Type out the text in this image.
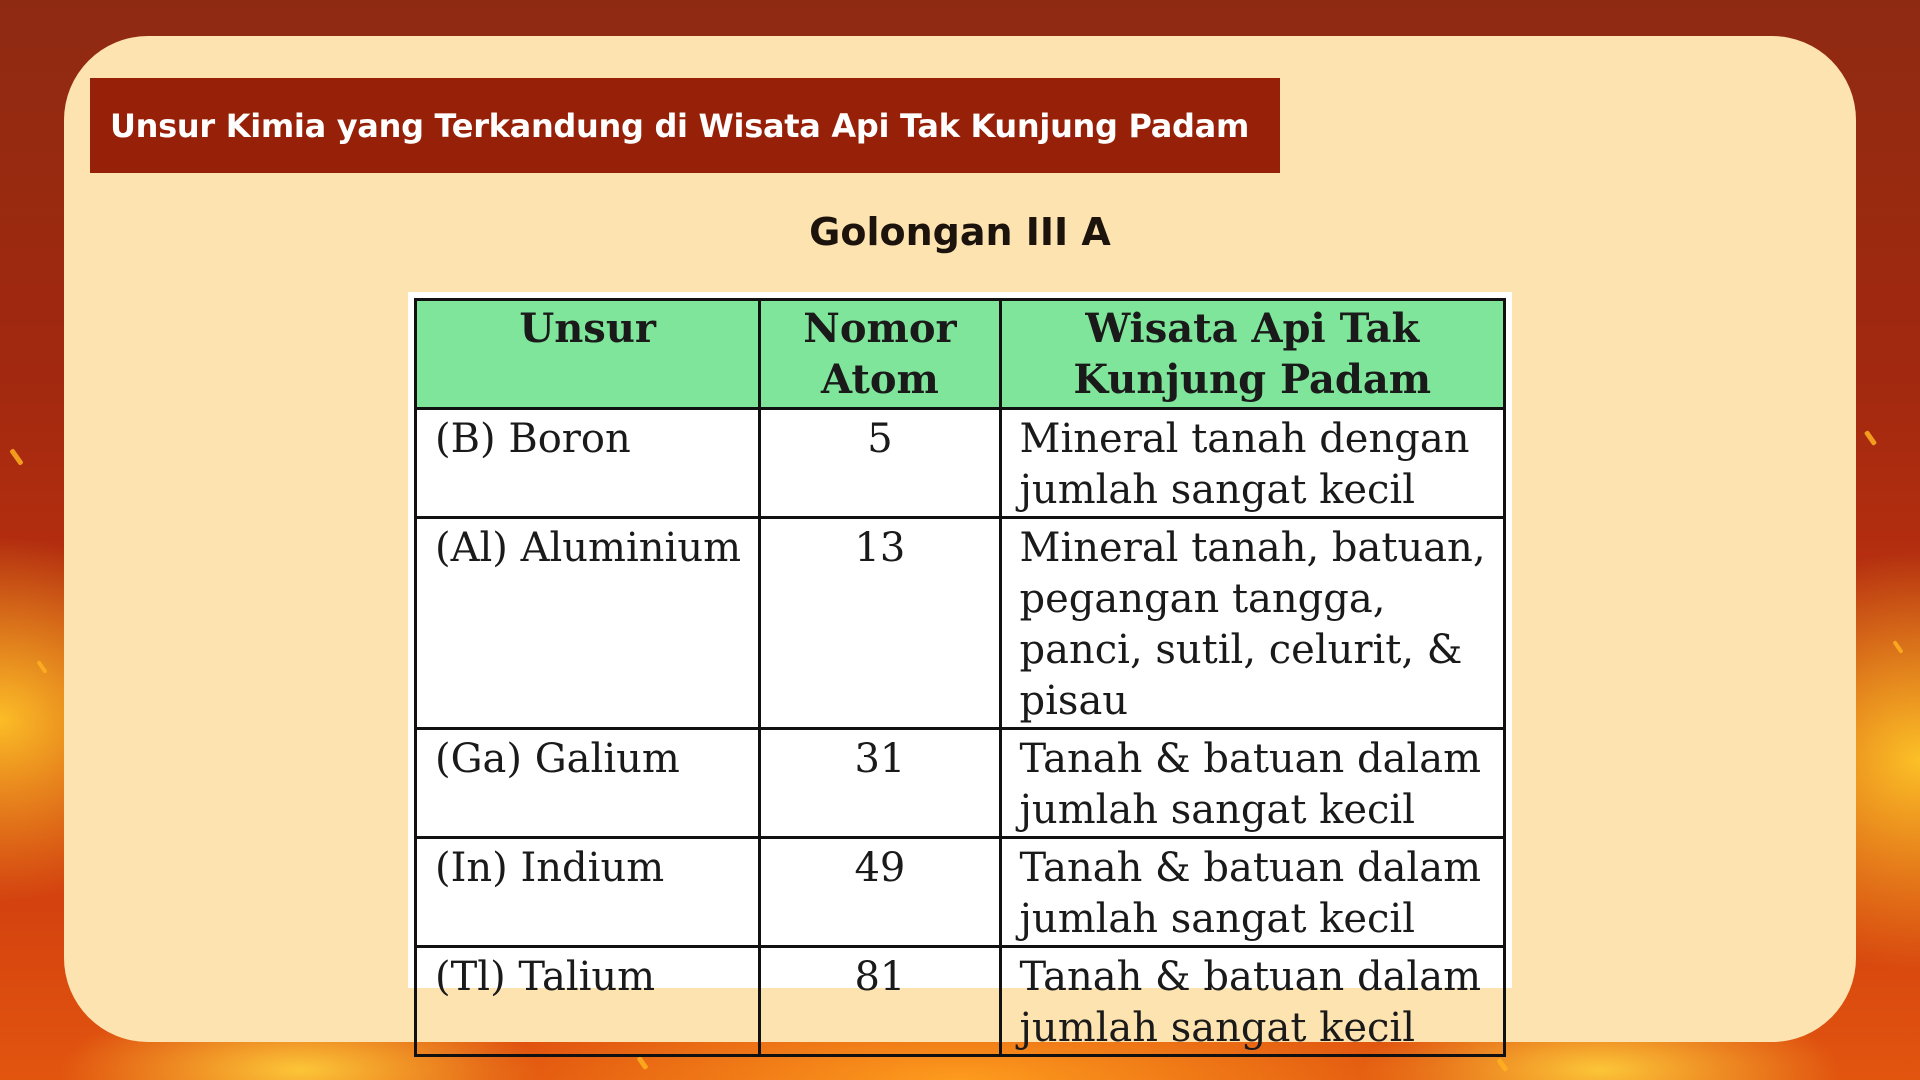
Unsur Kimia yang Terkandung di Wisata Api Tak Kunjung Padam
Golongan III A
Unsur	Nomor Atom	Wisata Api Tak Kunjung Padam
(B) Boron	5	Mineral tanah dengan jumlah sangat kecil
(Al) Aluminium	13	Mineral tanah, batuan, pegangan tangga, panci, sutil, celurit, & pisau
(Ga) Galium	31	Tanah & batuan dalam jumlah sangat kecil
(In) Indium	49	Tanah & batuan dalam jumlah sangat kecil
(Tl) Talium	81	Tanah & batuan dalam jumlah sangat kecil
